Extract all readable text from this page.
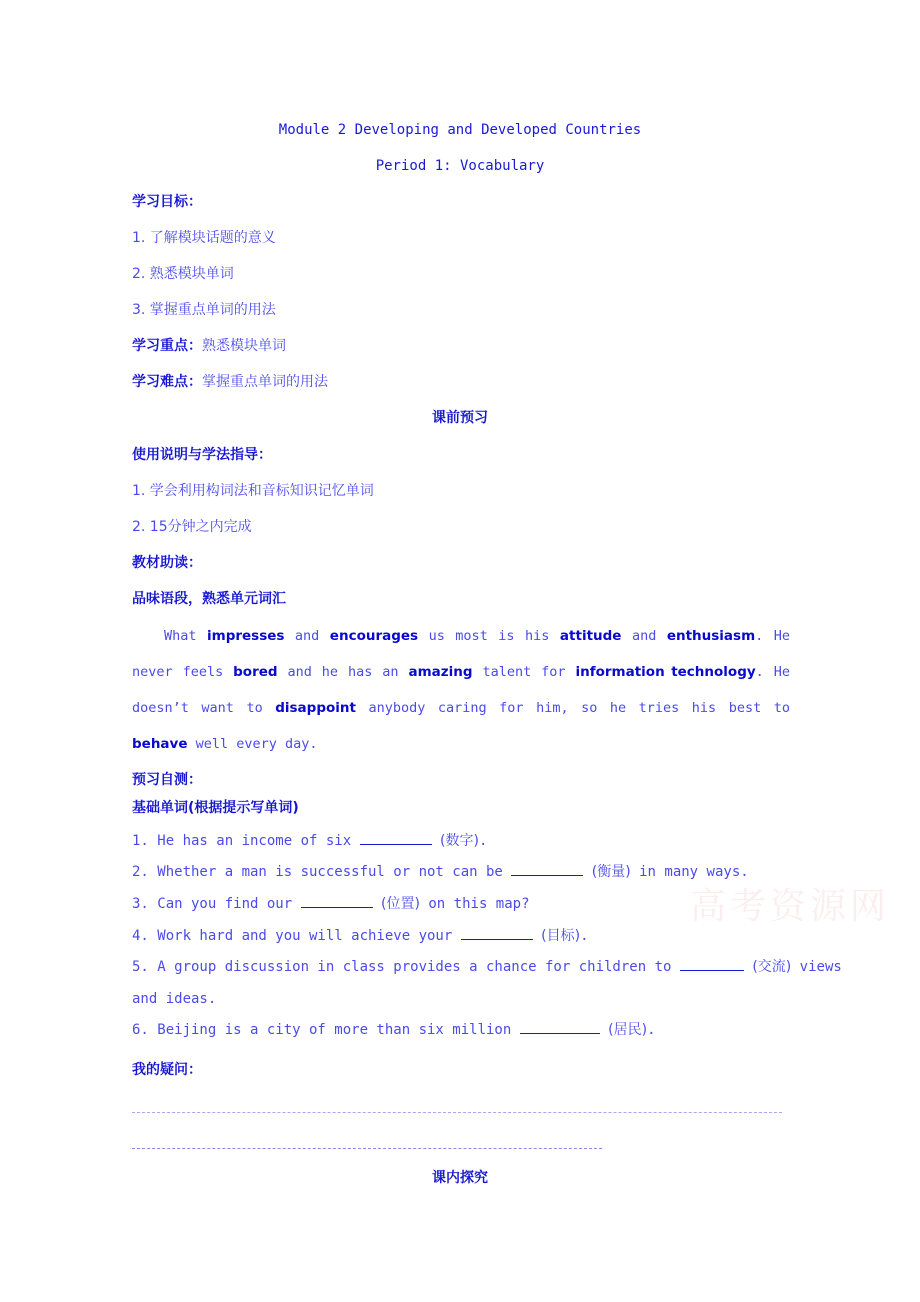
Module 2 Developing and Developed Countries
Period 1: Vocabulary
学习目标：
1. 了解模块话题的意义
2. 熟悉模块单词
3. 掌握重点单词的用法
学习重点：熟悉模块单词
学习难点：掌握重点单词的用法
课前预习
使用说明与学法指导：
1. 学会利用构词法和音标知识记忆单词
2. 15分钟之内完成
教材助读：
品味语段，熟悉单元词汇
What impresses and encourages us most is his attitude and enthusiasm. He never feels bored and he has an amazing talent for information technology. He doesn’t want to disappoint anybody caring for him, so he tries his best to behave well every day.
预习自测：
基础单词(根据提示写单词)
1. He has an income of six	(数字).
2. Whether a man is successful or not can be	(衡量) in many ways.
3. Can you find our	(位置) on this map?
4. Work hard and you will achieve your	(目标).
5. A group discussion in class provides a chance for children to	(交流) views
6. Beijing is a city of more than six million	(居民).
and ideas.
我的疑问：
课内探究
高考资源网
